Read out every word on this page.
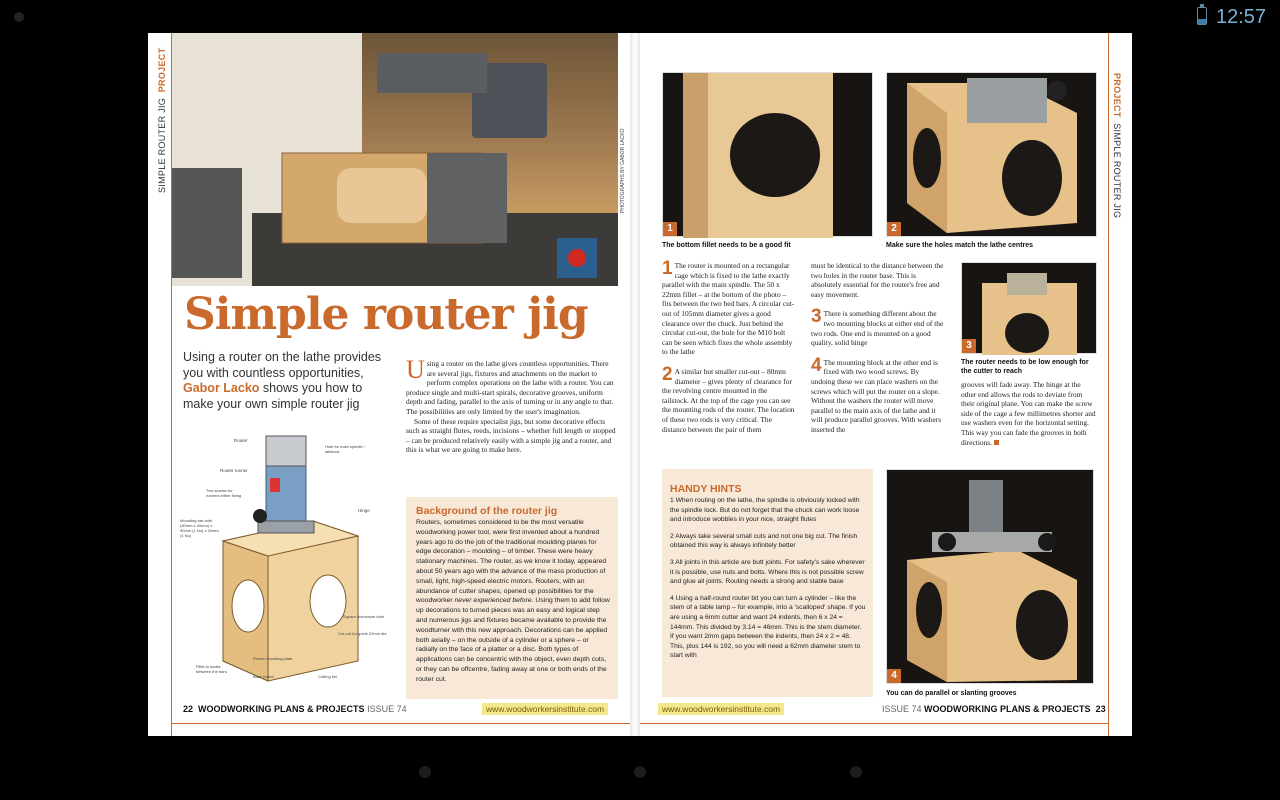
12:57
SIMPLE ROUTER JIG  PROJECT
PHOTOGRAPHS BY GABOR LACKO
Simple router jig
Using a router on the lathe provides you with countless opportunities, Gabor Lacko shows you how to make your own simple router jig
Using a router on the lathe gives countless opportunities. There are several jigs, fixtures and attachments on the market to perform complex operations on the lathe with a router. You can produce single and multi-start spirals, decorative grooves, uniform depth and fading, parallel to the axis of turning or in any angle to that. The possibilities are only limited by the user's imagination.
Some of these require specialist jigs, but some decorative effects such as straight flutes, reeds, incisions – whether full length or stopped – can be produced relatively easily with a simple jig and a router, and this is what we are going to make here.
Router
Router runner
Two screws for runners either fixing
Mounting bar both (30mm x 40mm) x 90mm (1 No) x 30mm (1 No)
Hole for main spindle / tailstock
Hinge
Fillet to locate between the bars
Square aluminium tube
Cut-out for guide 22mm dia
Router mounting plate
Base board	Cutting list
Background of the router jig
Routers, sometimes considered to be the most versatile woodworking power tool, were first invented about a hundred years ago to do the job of the traditional moulding planes for edge decoration – moulding – of timber. These were heavy stationary machines. The router, as we know it today, appeared about 50 years ago with the advance of the mass production of small, light, high-speed electric motors. Routers, with an abundance of cutter shapes, opened up possibilities for the woodworker never experienced before. Using them to add follow up decorations to turned pieces was an easy and logical step and numerous jigs and fixtures became available to provide the woodturner with this new approach. Decorations can be applied both axially – on the outside of a cylinder or a sphere – or radially on the face of a platter or a disc. Both types of applications can be concentric with the object, even depth cuts, or they can be offcentre, fading away at one or both ends of the router cut.
22 WOODWORKING PLANS & PROJECTS ISSUE 74	www.woodworkersinstitute.com
PROJECT  SIMPLE ROUTER JIG
1
The bottom fillet needs to be a good fit
2
Make sure the holes match the lathe centres
1 The router is mounted on a rectangular cage which is fixed to the lathe exactly parallel with the main spindle. The 50 x 22mm fillet – at the bottom of the photo – fits between the two bed bars. A circular cut-out of 105mm diameter gives a good clearance over the chuck. Just behind the circular cut-out, the hole for the M10 bolt can be seen which fixes the whole assembly to the lathe
2 A similar but smaller cut-out – 80mm diameter – gives plenty of clearance for the revolving centre mounted in the tailstock. At the top of the cage you can see the mounting rods of the router. The location of these two rods is very critical. The distance between the pair of them
must be identical to the distance between the two holes in the router base. This is absolutely essential for the router's free and easy movement.
3 There is something different about the two mounting blocks at either end of the two rods. One end is mounted on a good quality, solid hinge
4 The mounting block at the other end is fixed with two wood screws. By undoing these we can place washers on the screws which will put the router on a slope. Without the washers the router will move parallel to the main axis of the lathe and it will produce parallel grooves. With washers inserted the
3
The router needs to be low enough for the cutter to reach
grooves will fade away. The hinge at the other end allows the rods to deviate from their original plane. You can make the screw side of the cage a few millimetres shorter and use washers even for the horizontal setting. This way you can fade the grooves in both directions.
HANDY HINTS
1 When routing on the lathe, the spindle is obviously locked with the spindle lock. But do not forget that the chuck can work loose and introduce wobbles in your nice, straight flutes
2 Always take several small cuts and not one big cut. The finish obtained this way is always infinitely better
3 All joints in this article are butt joints. For safety's sake wherever it is possible, use nuts and bolts. Where this is not possible screw and glue all joints. Routing needs a strong and stable base
4 Using a half-round router bit you can turn a cylinder – like the stem of a table lamp – for example, into a 'scalloped' shape. If you are using a 6mm cutter and want 24 indents, then 6 x 24 = 144mm. This divided by 3.14 = 46mm. This is the stem diameter. If you want 2mm gaps between the indents, then 24 x 2 = 48. This, plus 144 is 192, so you will need a 62mm diameter stem to start with
4
You can do parallel or slanting grooves
www.woodworkersinstitute.com	ISSUE 74 WOODWORKING PLANS & PROJECTS 23
